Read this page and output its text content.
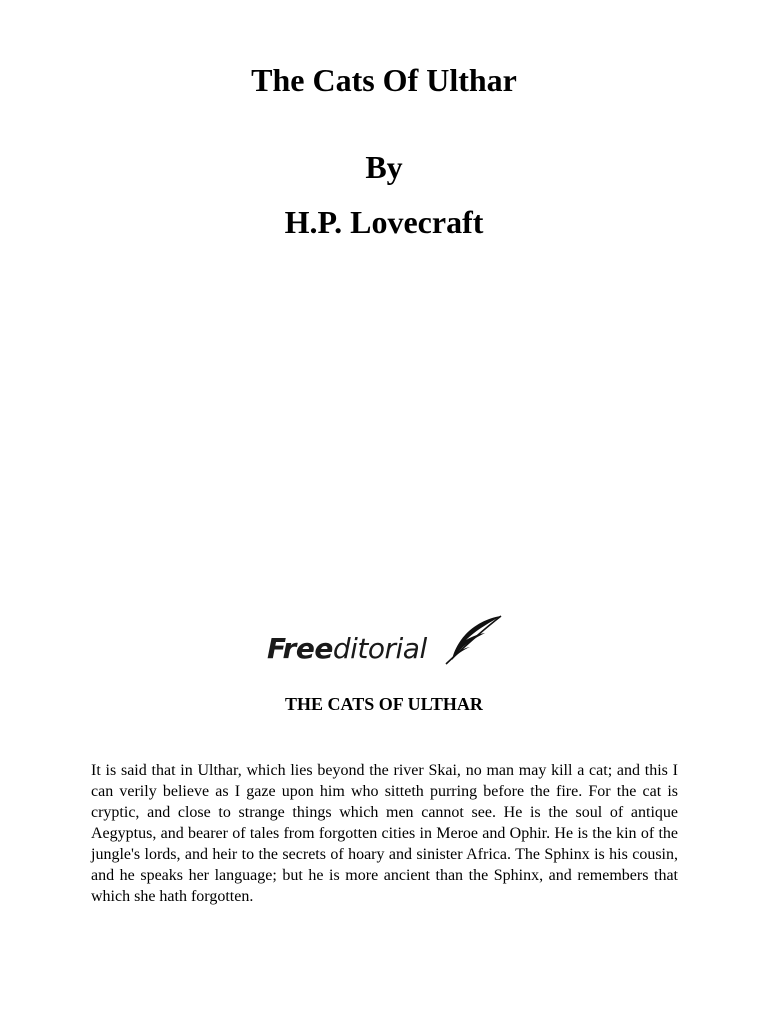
The Cats Of Ulthar
By
H.P. Lovecraft
Freeditorial
THE CATS OF ULTHAR

It is said that in Ulthar, which lies beyond the river Skai, no man may kill a cat; and this I can verily believe as I gaze upon him who sitteth purring before the fire. For the cat is cryptic, and close to strange things which men cannot see. He is the soul of antique Aegyptus, and bearer of tales from forgotten cities in Meroe and Ophir. He is the kin of the jungle's lords, and heir to the secrets of hoary and sinister Africa. The Sphinx is his cousin, and he speaks her language; but he is more ancient than the Sphinx, and remembers that which she hath forgotten.
